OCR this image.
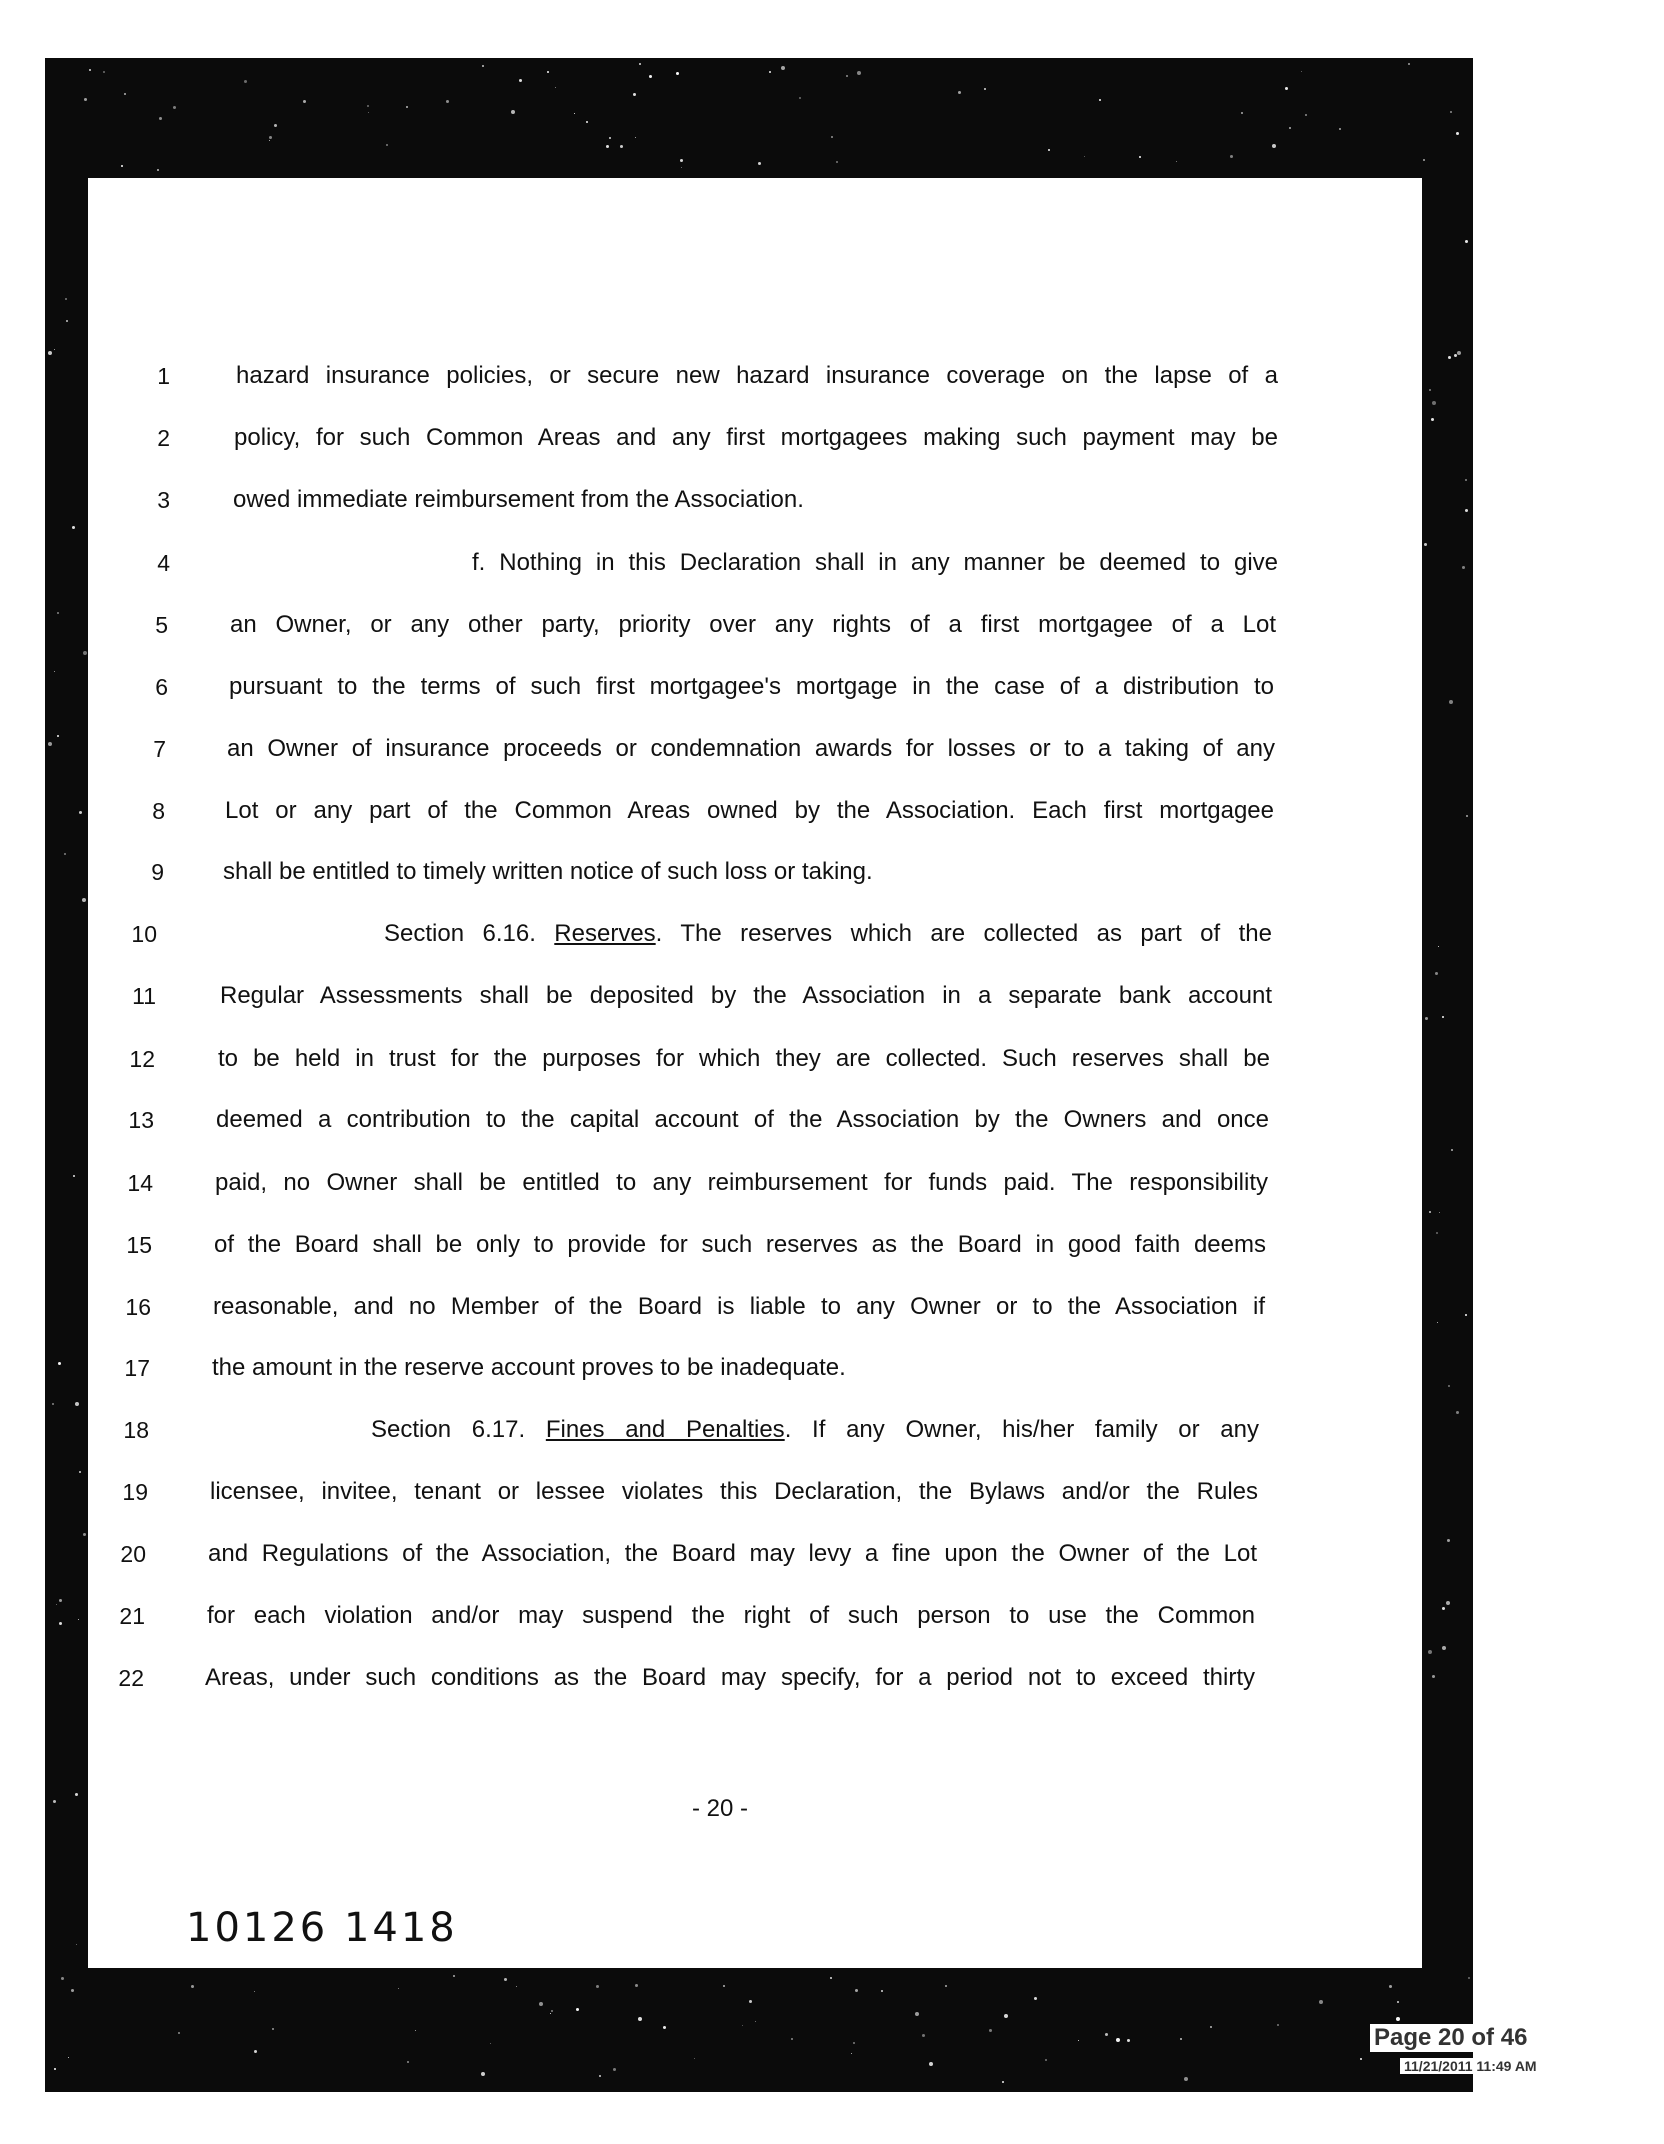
1	hazard insurance policies, or secure new hazard insurance coverage on the lapse of a
2	policy, for such Common Areas and any first mortgagees making such payment may be
3	owed immediate reimbursement from the Association.
4	f. Nothing in this Declaration shall in any manner be deemed to give
5	an Owner, or any other party, priority over any rights of a first mortgagee of a Lot
6	pursuant to the terms of such first mortgagee's mortgage in the case of a distribution to
7	an Owner of insurance proceeds or condemnation awards for losses or to a taking of any
8	Lot or any part of the Common Areas owned by the Association. Each first mortgagee
9 shall be entitled to timely written notice of such loss or taking.
10	Section 6.16. Reserves. The reserves which are collected as part of the
11	Regular Assessments shall be deposited by the Association in a separate bank account
12	to be held in trust for the purposes for which they are collected. Such reserves shall be
13	deemed a contribution to the capital account of the Association by the Owners and once
14	paid, no Owner shall be entitled to any reimbursement for funds paid. The responsibility
15	of the Board shall be only to provide for such reserves as the Board in good faith deems
16	reasonable, and no Member of the Board is liable to any Owner or to the Association if
17	the amount in the reserve account proves to be inadequate.
18	Section 6.17. Fines and Penalties. If any Owner, his/her family or any
19	licensee, invitee, tenant or lessee violates this Declaration, the Bylaws and/or the Rules
20	and Regulations of the Association, the Board may levy a fine upon the Owner of the Lot
21	for each violation and/or may suspend the right of such person to use the Common
22	Areas, under such conditions as the Board may specify, for a period not to exceed thirty
- 20 -
10126 1418
Page 20 of 46
11/21/2011 11:49 AM
